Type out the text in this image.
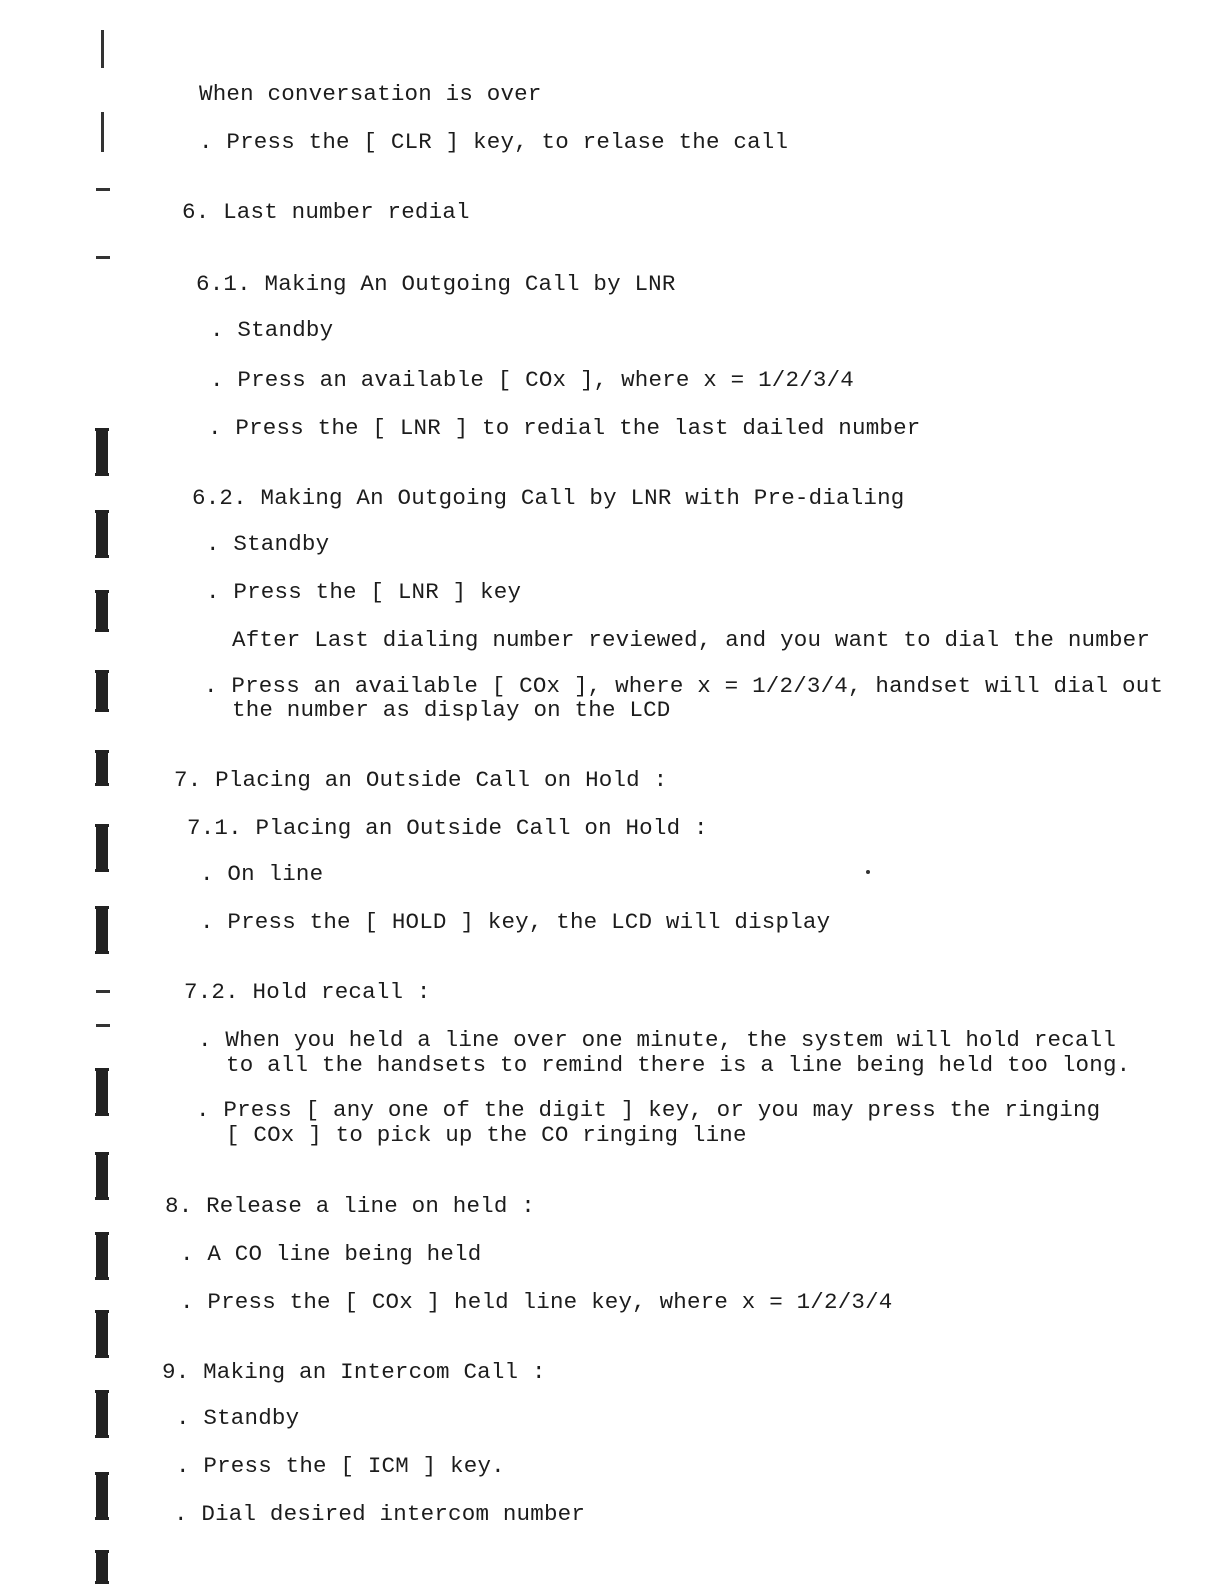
When conversation is over
. Press the [ CLR ] key, to relase the call
6. Last number redial
6.1. Making An Outgoing Call by LNR
. Standby
. Press an available [ COx ], where x = 1/2/3/4
. Press the [ LNR ] to redial the last dailed number
6.2. Making An Outgoing Call by LNR with Pre-dialing
. Standby
. Press the [ LNR ] key
After Last dialing number reviewed, and you want to dial the number
. Press an available [ COx ], where x = 1/2/3/4, handset will dial out
the number as display on the LCD
7. Placing an Outside Call on Hold :
7.1. Placing an Outside Call on Hold :
. On line
. Press the [ HOLD ] key, the LCD will display
7.2. Hold recall :
. When you held a line over one minute, the system will hold recall
to all the handsets to remind there is a line being held too long.
. Press [ any one of the digit ] key, or you may press the ringing
[ COx ] to pick up the CO ringing line
8. Release a line on held :
. A CO line being held
. Press the [ COx ] held line key, where x = 1/2/3/4
9. Making an Intercom Call :
. Standby
. Press the [ ICM ] key.
. Dial desired intercom number
